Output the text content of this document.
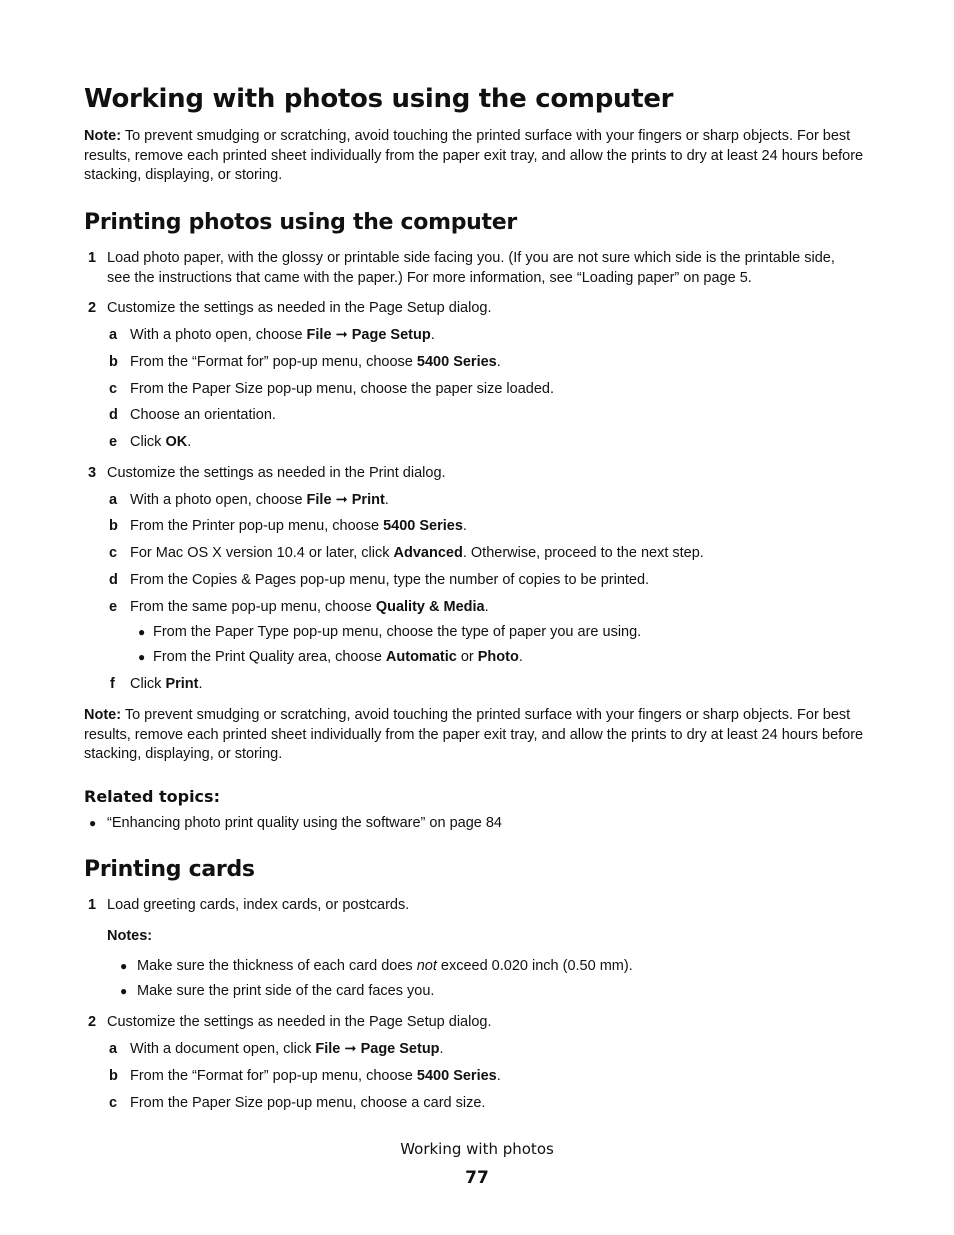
Working with photos using the computer
Note: To prevent smudging or scratching, avoid touching the printed surface with your fingers or sharp objects. For best results, remove each printed sheet individually from the paper exit tray, and allow the prints to dry at least 24 hours before stacking, displaying, or storing.
Printing photos using the computer
1 Load photo paper, with the glossy or printable side facing you. (If you are not sure which side is the printable side,
see the instructions that came with the paper.) For more information, see “Loading paper” on page 5.
2 Customize the settings as needed in the Page Setup dialog.
a With a photo open, choose File ➞ Page Setup.
b From the “Format for” pop-up menu, choose 5400 Series.
c From the Paper Size pop-up menu, choose the paper size loaded.
d Choose an orientation.
e Click OK.
3 Customize the settings as needed in the Print dialog.
a With a photo open, choose File ➞ Print.
b From the Printer pop-up menu, choose 5400 Series.
c For Mac OS X version 10.4 or later, click Advanced. Otherwise, proceed to the next step.
d From the Copies & Pages pop-up menu, type the number of copies to be printed.
e From the same pop-up menu, choose Quality & Media.
● From the Paper Type pop-up menu, choose the type of paper you are using.
● From the Print Quality area, choose Automatic or Photo.
f Click Print.
Note: To prevent smudging or scratching, avoid touching the printed surface with your fingers or sharp objects. For best results, remove each printed sheet individually from the paper exit tray, and allow the prints to dry at least 24 hours before stacking, displaying, or storing.
Related topics:
● “Enhancing photo print quality using the software” on page 84
Printing cards
1 Load greeting cards, index cards, or postcards.
Notes:
● Make sure the thickness of each card does not exceed 0.020 inch (0.50 mm).
● Make sure the print side of the card faces you.
2 Customize the settings as needed in the Page Setup dialog.
a With a document open, click File ➞ Page Setup.
b From the “Format for” pop-up menu, choose 5400 Series.
c From the Paper Size pop-up menu, choose a card size.
Working with photos
77
